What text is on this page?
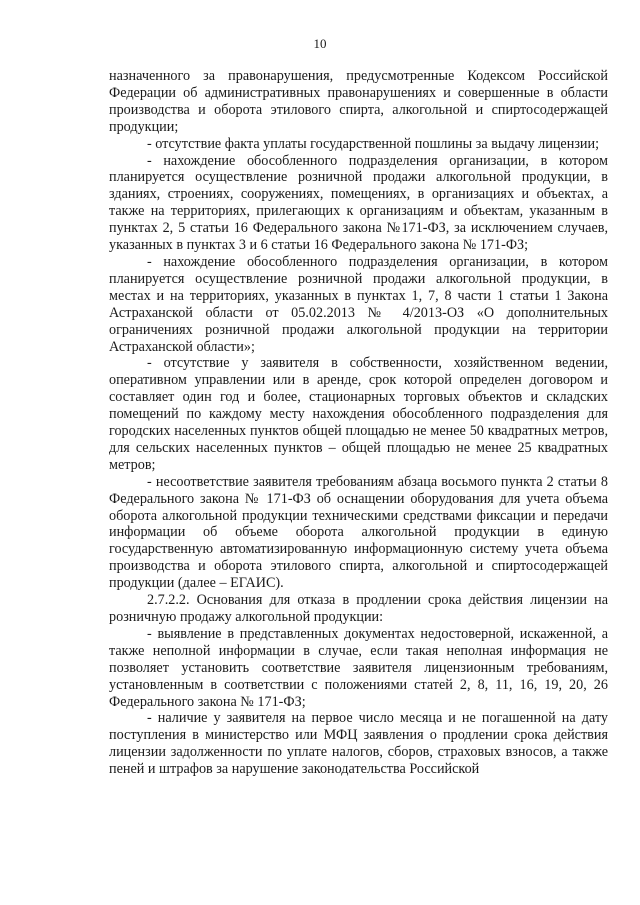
10

назначенного за правонарушения, предусмотренные Кодексом Российской Федерации об административных правонарушениях и совершенные в области производства и оборота этилового спирта, алкогольной и спиртосодержащей продукции;

- отсутствие факта уплаты государственной пошлины за выдачу лицензии;

- нахождение обособленного подразделения организации, в котором планируется осуществление розничной продажи алкогольной продукции, в зданиях, строениях, сооружениях, помещениях, в организациях и объектах, а также на территориях, прилегающих к организациям и объектам, указанным в пунктах 2, 5 статьи 16 Федерального закона №171-ФЗ, за исключением случаев, указанных в пунктах 3 и 6 статьи 16 Федерального закона № 171-ФЗ;

- нахождение обособленного подразделения организации, в котором планируется осуществление розничной продажи алкогольной продукции, в местах и на территориях, указанных в пунктах 1, 7, 8 части 1 статьи 1 Закона Астраханской области от 05.02.2013 № 4/2013-ОЗ «О дополнительных ограничениях розничной продажи алкогольной продукции на территории Астраханской области»;

- отсутствие у заявителя в собственности, хозяйственном ведении, оперативном управлении или в аренде, срок которой определен договором и составляет один год и более, стационарных торговых объектов и складских помещений по каждому месту нахождения обособленного подразделения для городских населенных пунктов общей площадью не менее 50 квадратных метров, для сельских населенных пунктов – общей площадью не менее 25 квадратных метров;

- несоответствие заявителя требованиям абзаца восьмого пункта 2 статьи 8 Федерального закона № 171-ФЗ об оснащении оборудования для учета объема оборота алкогольной продукции техническими средствами фиксации и передачи информации об объеме оборота алкогольной продукции в единую государственную автоматизированную информационную систему учета объема производства и оборота этилового спирта, алкогольной и спиртосодержащей продукции (далее – ЕГАИС).

2.7.2.2. Основания для отказа в продлении срока действия лицензии на розничную продажу алкогольной продукции:

- выявление в представленных документах недостоверной, искаженной, а также неполной информации в случае, если такая неполная информация не позволяет установить соответствие заявителя лицензионным требованиям, установленным в соответствии с положениями статей 2, 8, 11, 16, 19, 20, 26 Федерального закона № 171-ФЗ;

- наличие у заявителя на первое число месяца и не погашенной на дату поступления в министерство или МФЦ заявления о продлении срока действия лицензии задолженности по уплате налогов, сборов, страховых взносов, а также пеней и штрафов за нарушение законодательства Российской
